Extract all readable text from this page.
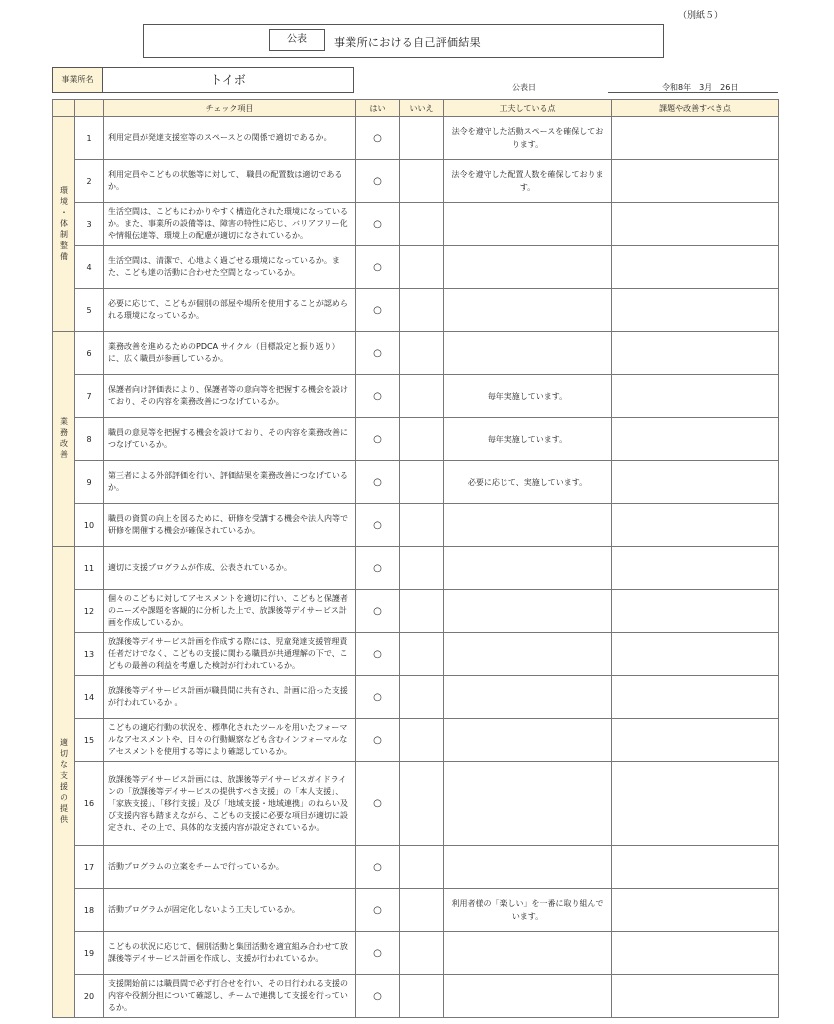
（別紙５）
公表	事業所における自己評価結果
事業所名	トイボ
公表日	令和8年　3月　26日
		チェック項目	はい	いいえ	工夫している点	課題や改善すべき点

環境・体制整備	1	利用定員が発達支援室等のスペースとの関係で適切であるか。	○		法令を遵守した活動スペースを確保しております。	
	2	利用定員やこどもの状態等に対して、 職員の配置数は適切であるか。	○		法令を遵守した配置人数を確保しております。	
	3	生活空間は、こどもにわかりやすく構造化された環境になっているか。また、事業所の設備等は、障害の特性に応じ、バリアフリー化や情報伝達等、環境上の配慮が適切になされているか。	○			
	4	生活空間は、清潔で、心地よく過ごせる環境になっているか。また、こども達の活動に合わせた空間となっているか。	○			
	5	必要に応じて、こどもが個別の部屋や場所を使用することが認められる環境になっているか。	○			

業務改善	6	業務改善を進めるためのPDCA サイクル（目標設定と振り返り）に、広く職員が参画しているか。	○			
	7	保護者向け評価表により、保護者等の意向等を把握する機会を設けており、その内容を業務改善につなげているか。	○		毎年実施しています。	
	8	職員の意見等を把握する機会を設けており、その内容を業務改善につなげているか。	○		毎年実施しています。	
	9	第三者による外部評価を行い、評価結果を業務改善につなげているか。	○		必要に応じて、実施しています。	
	10	職員の資質の向上を図るために、研修を受講する機会や法人内等で研修を開催する機会が確保されているか。	○			

適切な支援の提供	11	適切に支援プログラムが作成、公表されているか。	○			
	12	個々のこどもに対してアセスメントを適切に行い、こどもと保護者のニーズや課題を客観的に分析した上で、放課後等デイサービス計画を作成しているか。	○			
	13	放課後等デイサービス計画を作成する際には、児童発達支援管理責任者だけでなく、こどもの支援に関わる職員が共通理解の下で、こどもの最善の利益を考慮した検討が行われているか。	○			
	14	放課後等デイサービス計画が職員間に共有され、計画に沿った支援が行われているか 。	○			
	15	こどもの適応行動の状況を、標準化されたツールを用いたフォーマルなアセスメントや、日々の行動観察なども含むインフォーマルなアセスメントを使用する等により確認しているか。	○			
	16	放課後等デイサービス計画には、放課後等デイサービスガイドラインの「放課後等デイサービスの提供すべき支援」の「本人支援」、「家族支援」、「移行支援」及び「地域支援・地域連携」のねらい及び支援内容も踏まえながら、こどもの支援に必要な項目が適切に設定され、その上で、具体的な支援内容が設定されているか。	○			
	17	活動プログラムの立案をチームで行っているか。	○			
	18	活動プログラムが固定化しないよう工夫しているか。	○		利用者様の「楽しい」を一番に取り組んでいます。	
	19	こどもの状況に応じて、個別活動と集団活動を適宜組み合わせて放課後等デイサービス計画を作成し、支援が行われているか。	○			
	20	支援開始前には職員間で必ず打合せを行い、その日行われる支援の内容や役割分担について確認し、チームで連携して支援を行っているか。	○			
